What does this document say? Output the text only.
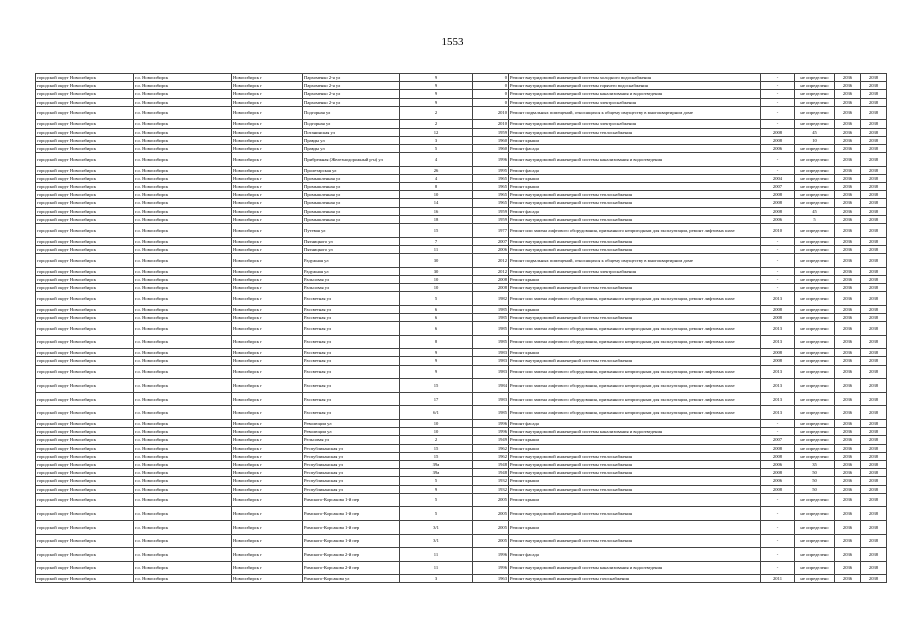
1553
городской округ Новосибирск	г.о. Новосибирск	Новосибирск г	Пархоменко 2-я ул	9	0	Ремонт внутридомовой инженерной системы холодного водоснабжения	-	не определено	2036	2038
городской округ Новосибирск	г.о. Новосибирск	Новосибирск г	Пархоменко 2-я ул	9	0	Ремонт внутридомовой инженерной системы горячего водоснабжения	-	не определено	2036	2038
городской округ Новосибирск	г.о. Новосибирск	Новосибирск г	Пархоменко 2-я ул	9	0	Ремонт внутридомовой инженерной системы канализования и водоотведения	-	не определено	2036	2038
городской округ Новосибирск	г.о. Новосибирск	Новосибирск г	Пархоменко 2-я ул	9	0	Ремонт внутридомовой инженерной системы электроснабжения	-	не определено	2036	2038
городской округ Новосибирск	г.о. Новосибирск	Новосибирск г	Подгорная ул	2	2010	Ремонт подвальных помещений, относящихся к общему имуществу в многоквартирном доме	-	не определено	2036	2038
городской округ Новосибирск	г.о. Новосибирск	Новосибирск г	Подгорная ул	2	2010	Ремонт внутридомовой инженерной системы электроснабжения	-	не определено	2036	2038
городской округ Новосибирск	г.о. Новосибирск	Новосибирск г	Потанинская ул	12	1959	Ремонт внутридомовой инженерной системы теплоснабжения	2008	45	2036	2038
городской округ Новосибирск	г.о. Новосибирск	Новосибирск г	Правды ул	3	1960	Ремонт крыши	2008	10	2036	2038
городской округ Новосибирск	г.о. Новосибирск	Новосибирск г	Правды ул	5	1960	Ремонт фасада	2006	не определено	2036	2038
городской округ Новосибирск	г.о. Новосибирск	Новосибирск г	Прибрежная (Железнодорожный р-н) ул	4	1996	Ремонт внутридомовой инженерной системы канализования и водоотведения	-	не определено	2036	2038
городской округ Новосибирск	г.о. Новосибирск	Новосибирск г	Пролетарская ул	26	1995	Ремонт фасада	-	не определено	2036	2038
городской округ Новосибирск	г.о. Новосибирск	Новосибирск г	Промышленная ул	4	1965	Ремонт крыши	2004	не определено	2036	2038
городской округ Новосибирск	г.о. Новосибирск	Новосибирск г	Промышленная ул	8	1965	Ремонт крыши	2007	не определено	2036	2038
городской округ Новосибирск	г.о. Новосибирск	Новосибирск г	Промышленная ул	10	1965	Ремонт внутридомовой инженерной системы теплоснабжения	2008	не определено	2036	2038
городской округ Новосибирск	г.о. Новосибирск	Новосибирск г	Промышленная ул	14	1965	Ремонт внутридомовой инженерной системы теплоснабжения	2008	не определено	2036	2038
городской округ Новосибирск	г.о. Новосибирск	Новосибирск г	Промышленная ул	16	1959	Ремонт фасада	2008	45	2036	2038
городской округ Новосибирск	г.о. Новосибирск	Новосибирск г	Промышленная ул	18	1959	Ремонт внутридомовой инженерной системы теплоснабжения	2006	5	2036	2038
городской округ Новосибирск	г.о. Новосибирск	Новосибирск г	Путевая ул	15	1977	Ремонт или замена лифтового оборудования, признанного непригодным для эксплуатации, ремонт лифтовых шахт	2010	не определено	2036	2038
городской округ Новосибирск	г.о. Новосибирск	Новосибирск г	Пятницкого ул	7	2007	Ремонт внутридомовой инженерной системы теплоснабжения	-	не определено	2036	2038
городской округ Новосибирск	г.о. Новосибирск	Новосибирск г	Пятницкого ул	11	2006	Ремонт внутридомовой инженерной системы теплоснабжения	-	не определено	2036	2038
городской округ Новосибирск	г.о. Новосибирск	Новосибирск г	Радужная ул	30	2012	Ремонт подвальных помещений, относящихся к общему имуществу в многоквартирном доме	-	не определено	2036	2038
городской округ Новосибирск	г.о. Новосибирск	Новосибирск г	Радужная ул	30	2012	Ремонт внутридомовой инженерной системы электроснабжения	-	не определено	2036	2038
городской округ Новосибирск	г.о. Новосибирск	Новосибирск г	Ральсовая ул	10	2008	Ремонт крыши	-	не определено	2036	2038
городской округ Новосибирск	г.о. Новосибирск	Новосибирск г	Ральсовая ул	10	2008	Ремонт внутридомовой инженерной системы теплоснабжения	-	не определено	2036	2038
городской округ Новосибирск	г.о. Новосибирск	Новосибирск г	Рассветная ул	5	1982	Ремонт или замена лифтового оборудования, признанного непригодным для эксплуатации, ремонт лифтовых шахт	2013	не определено	2036	2038
городской округ Новосибирск	г.о. Новосибирск	Новосибирск г	Рассветная ул	6	1985	Ремонт крыши	2008	не определено	2036	2038
городской округ Новосибирск	г.о. Новосибирск	Новосибирск г	Рассветная ул	6	1985	Ремонт внутридомовой инженерной системы теплоснабжения	2008	не определено	2036	2038
городской округ Новосибирск	г.о. Новосибирск	Новосибирск г	Рассветная ул	6	1985	Ремонт или замена лифтового оборудования, признанного непригодным для эксплуатации, ремонт лифтовых шахт	2013	не определено	2036	2038
городской округ Новосибирск	г.о. Новосибирск	Новосибирск г	Рассветная ул	8	1985	Ремонт или замена лифтового оборудования, признанного непригодным для эксплуатации, ремонт лифтовых шахт	2013	не определено	2036	2038
городской округ Новосибирск	г.о. Новосибирск	Новосибирск г	Рассветная ул	9	1983	Ремонт крыши	2008	не определено	2036	2038
городской округ Новосибирск	г.о. Новосибирск	Новосибирск г	Рассветная ул	9	1983	Ремонт внутридомовой инженерной системы теплоснабжения	2008	не определено	2036	2038
городской округ Новосибирск	г.о. Новосибирск	Новосибирск г	Рассветная ул	9	1983	Ремонт или замена лифтового оборудования, признанного непригодным для эксплуатации, ремонт лифтовых шахт	2013	не определено	2036	2038
городской округ Новосибирск	г.о. Новосибирск	Новосибирск г	Рассветная ул	15	1984	Ремонт или замена лифтового оборудования, признанного непригодным для эксплуатации, ремонт лифтовых шахт	2013	не определено	2036	2038
городской округ Новосибирск	г.о. Новосибирск	Новосибирск г	Рассветная ул	17	1983	Ремонт или замена лифтового оборудования, признанного непригодным для эксплуатации, ремонт лифтовых шахт	2013	не определено	2036	2038
городской округ Новосибирск	г.о. Новосибирск	Новосибирск г	Рассветная ул	6/1	1985	Ремонт или замена лифтового оборудования, признанного непригодным для эксплуатации, ремонт лифтовых шахт	2013	не определено	2036	2038
городской округ Новосибирск	г.о. Новосибирск	Новосибирск г	Революции ул	10	1996	Ремонт фасада	-	не определено	2036	2038
городской округ Новосибирск	г.о. Новосибирск	Новосибирск г	Революции ул	10	1996	Ремонт внутридомовой инженерной системы канализования и водоотведения	-	не определено	2036	2038
городской округ Новосибирск	г.о. Новосибирск	Новосибирск г	Рельсовая ул	2	1949	Ремонт крыши	2007	не определено	2036	2038
городской округ Новосибирск	г.о. Новосибирск	Новосибирск г	Республиканская ул	15	1962	Ремонт крыши	2008	не определено	2036	2038
городской округ Новосибирск	г.о. Новосибирск	Новосибирск г	Республиканская ул	15	1962	Ремонт внутридомовой инженерной системы теплоснабжения	2008	не определено	2036	2038
городской округ Новосибирск	г.о. Новосибирск	Новосибирск г	Республиканская ул	39а	1948	Ремонт внутридомовой инженерной системы теплоснабжения	2006	35	2036	2038
городской округ Новосибирск	г.о. Новосибирск	Новосибирск г	Республиканская ул	39а	1948	Ремонт внутридомовой инженерной системы теплоснабжения	2008	50	2036	2038
городской округ Новосибирск	г.о. Новосибирск	Новосибирск г	Республиканская ул	5	1932	Ремонт крыши	2006	50	2036	2038
городской округ Новосибирск	г.о. Новосибирск	Новосибирск г	Республиканская ул	9	1932	Ремонт внутридомовой инженерной системы теплоснабжения	2008	50	2036	2038
городской округ Новосибирск	г.о. Новосибирск	Новосибирск г	Римского-Корсакова 1-й пер	5	2005	Ремонт крыши	-	не определено	2036	2038
городской округ Новосибирск	г.о. Новосибирск	Новосибирск г	Римского-Корсакова 1-й пер	5	2005	Ремонт внутридомовой инженерной системы теплоснабжения	-	не определено	2036	2038
городской округ Новосибирск	г.о. Новосибирск	Новосибирск г	Римского-Корсакова 1-й пер	3/1	2005	Ремонт крыши	-	не определено	2036	2038
городской округ Новосибирск	г.о. Новосибирск	Новосибирск г	Римского-Корсакова 1-й пер	3/1	2005	Ремонт внутридомовой инженерной системы теплоснабжения	-	не определено	2036	2038
городской округ Новосибирск	г.о. Новосибирск	Новосибирск г	Римского-Корсакова 2-й пер	11	1996	Ремонт фасада	-	не определено	2036	2038
городской округ Новосибирск	г.о. Новосибирск	Новосибирск г	Римского-Корсакова 2-й пер	11	1996	Ремонт внутридомовой инженерной системы канализования и водоотведения	-	не определено	2036	2038
городской округ Новосибирск	г.о. Новосибирск	Новосибирск г	Римского-Корсакова ул	3	1963	Ремонт внутридомовой инженерной системы газоснабжения	2011	не определено	2036	2038
